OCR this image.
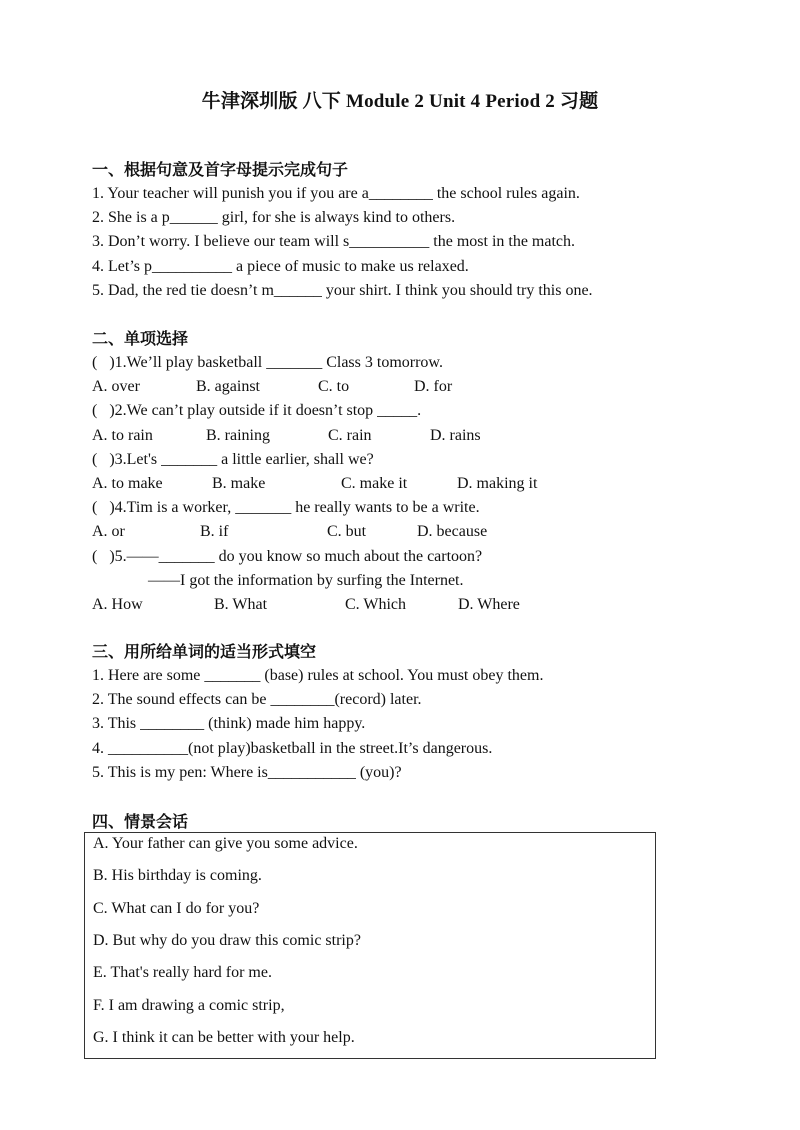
牛津深圳版 八下 Module 2 Unit 4 Period 2 习题
一、根据句意及首字母提示完成句子
1. Your teacher will punish you if you are a________ the school rules again.
2. She is a p______ girl, for she is always kind to others.
3. Don’t worry. I believe our team will s__________ the most in the match.
4. Let’s p__________ a piece of music to make us relaxed.
5. Dad, the red tie doesn’t m______ your shirt. I think you should try this one.
二、单项选择
(   )1.We’ll play basketball _______ Class 3 tomorrow.
A. over	B. against	C. to	D. for
(   )2.We can’t play outside if it doesn’t stop _____.
A. to rain	B. raining	C. rain	D. rains
(   )3.Let's _______ a little earlier, shall we?
A. to make	B. make	C. make it	D. making it
(   )4.Tim is a worker, _______ he really wants to be a write.
A. or	B. if	C. but	D. because
(   )5.——_______ do you know so much about the cartoon?
——I got the information by surfing the Internet.
A. How	B. What	C. Which	D. Where
三、用所给单词的适当形式填空
1. Here are some _______ (base) rules at school. You must obey them.
2. The sound effects can be ________(record) later.
3. This ________ (think) made him happy.
4. __________(not play)basketball in the street.It’s dangerous.
5. This is my pen: Where is___________ (you)?
四、情景会话
A. Your father can give you some advice.
B. His birthday is coming.
C. What can I do for you?
D. But why do you draw this comic strip?
E. That's really hard for me.
F. I am drawing a comic strip,
G. I think it can be better with your help.
